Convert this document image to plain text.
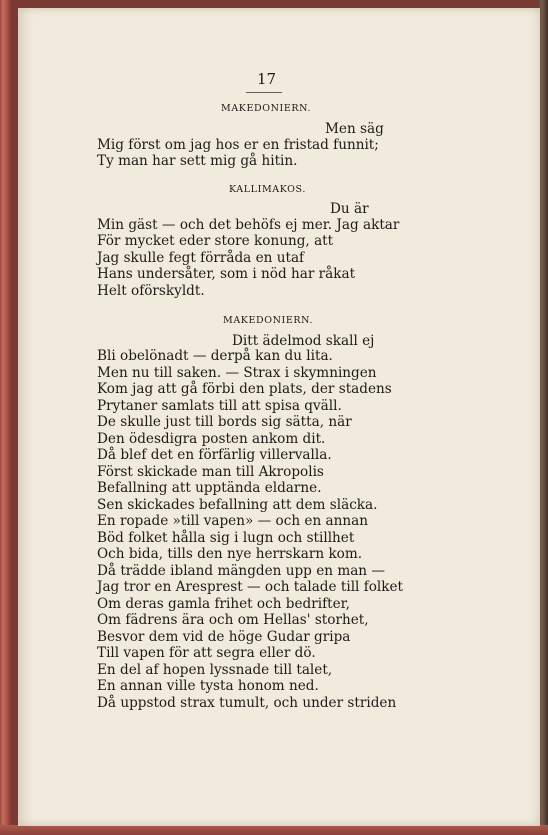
17
MAKEDONIERN.
Men säg
Mig först om jag hos er en fristad funnit;
Ty man har sett mig gå hitin.
KALLIMAKOS.
Du är
Min gäst — och det behöfs ej mer. Jag aktar
För mycket eder store konung, att
Jag skulle fegt förråda en utaf
Hans undersåter, som i nöd har råkat
Helt oförskyldt.
MAKEDONIERN.
Ditt ädelmod skall ej
Bli obelönadt — derpå kan du lita.
Men nu till saken. — Strax i skymningen
Kom jag att gå förbi den plats, der stadens
Prytaner samlats till att spisa qväll.
De skulle just till bords sig sätta, när
Den ödesdigra posten ankom dit.
Då blef det en förfärlig villervalla.
Först skickade man till Akropolis
Befallning att upptända eldarne.
Sen skickades befallning att dem släcka.
En ropade »till vapen» — och en annan
Böd folket hålla sig i lugn och stillhet
Och bida, tills den nye herrskarn kom.
Då trädde ibland mängden upp en man —
Jag tror en Aresprest — och talade till folket
Om deras gamla frihet och bedrifter,
Om fädrens ära och om Hellas' storhet,
Besvor dem vid de höge Gudar gripa
Till vapen för att segra eller dö.
En del af hopen lyssnade till talet,
En annan ville tysta honom ned.
Då uppstod strax tumult, och under striden
